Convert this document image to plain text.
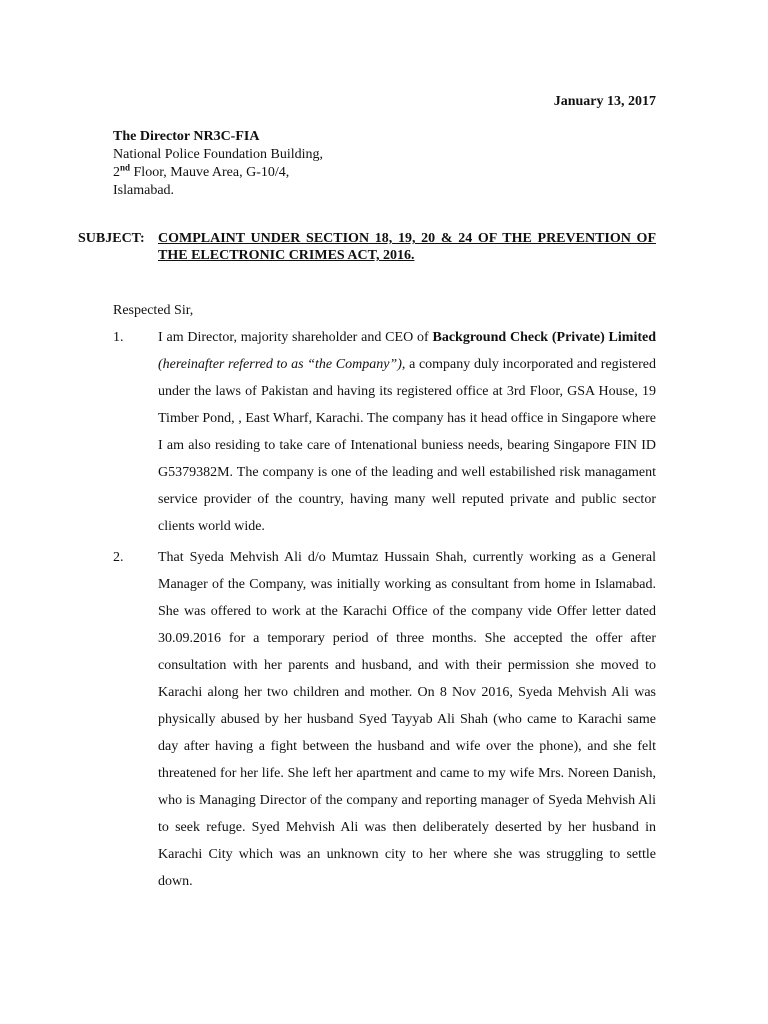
January 13, 2017
The Director NR3C-FIA
National Police Foundation Building,
2nd Floor, Mauve Area, G-10/4,
Islamabad.
SUBJECT: COMPLAINT UNDER SECTION 18, 19, 20 & 24 OF THE PREVENTION OF THE ELECTRONIC CRIMES ACT, 2016.
Respected Sir,
1. I am Director, majority shareholder and CEO of Background Check (Private) Limited (hereinafter referred to as “the Company”), a company duly incorporated and registered under the laws of Pakistan and having its registered office at 3rd Floor, GSA House, 19 Timber Pond, , East Wharf, Karachi. The company has it head office in Singapore where I am also residing to take care of Intenational buniess needs, bearing Singapore FIN ID G5379382M. The company is one of the leading and well estabilished risk managament service provider of the country, having many well reputed private and public sector clients world wide.
2. That Syeda Mehvish Ali d/o Mumtaz Hussain Shah, currently working as a General Manager of the Company, was initially working as consultant from home in Islamabad. She was offered to work at the Karachi Office of the company vide Offer letter dated 30.09.2016 for a temporary period of three months. She accepted the offer after consultation with her parents and husband, and with their permission she moved to Karachi along her two children and mother. On 8 Nov 2016, Syeda Mehvish Ali was physically abused by her husband Syed Tayyab Ali Shah (who came to Karachi same day after having a fight between the husband and wife over the phone), and she felt threatened for her life. She left her apartment and came to my wife Mrs. Noreen Danish, who is Managing Director of the company and reporting manager of Syeda Mehvish Ali to seek refuge. Syed Mehvish Ali was then deliberately deserted by her husband in Karachi City which was an unknown city to her where she was struggling to settle down.
